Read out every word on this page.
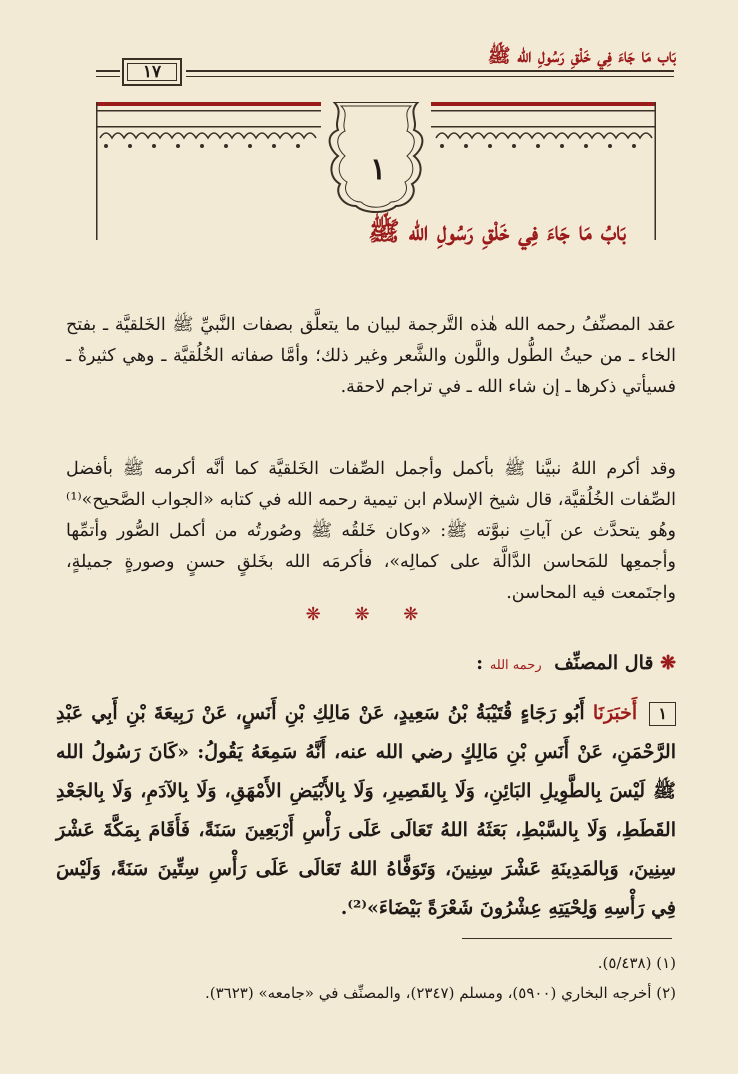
بَاب مَا جَاءَ فِي خَلْقِ رَسُولِ الله ﷺ
١٧
١
بَابُ مَا جَاءَ فِي خَلْقِ رَسُولِ الله ﷺ
عقد المصنِّفُ رحمه الله هٰذه التَّرجمة لبيان ما يتعلَّق بصفات النَّبيِّ ﷺ الخَلقيَّة ـ بفتح الخاء ـ من حيثُ الطُّول واللَّون والشَّعر وغير ذلك؛ وأمَّا صفاته الخُلُقيَّة ـ وهي كثيرةٌ ـ فسيأتي ذكرها ـ إن شاء الله ـ في تراجم لاحقة.
وقد أكرم اللهُ نبيَّنا ﷺ بأكمل وأجمل الصِّفات الخَلقيَّة كما أنَّه أكرمه ﷺ بأفضل الصِّفات الخُلُقيَّة، قال شيخ الإسلام ابن تيمية رحمه الله في كتابه «الجواب الصَّحيح»⁽¹⁾ وهُو يتحدَّث عن آياتِ نبوَّته ﷺ: «وكان خَلقُه ﷺ وصُورتُه من أكمل الصُّور وأتمِّها وأجمعِها للمَحاسن الدَّالَّة على كمالِه»، فأكرمَه الله بخَلقٍ حسنٍ وصورةٍ جميلةٍ، واجتَمعت فيه المحاسن.
❋ ❋ ❋
❋ قال المصنِّف رحمه الله :
١ أَخبَرَنَا أَبُو رَجَاءٍ قُتَيْبَةُ بْنُ سَعِيدٍ، عَنْ مَالِكِ بْنِ أَنَسٍ، عَنْ رَبِيعَةَ بْنِ أَبِي عَبْدِ الرَّحْمَنِ، عَنْ أَنَسِ بْنِ مَالِكٍ رضي الله عنه، أَنَّهُ سَمِعَهُ يَقُولُ: «كَانَ رَسُولُ الله ﷺ لَيْسَ بِالطَّوِيلِ البَائِنِ، وَلَا بِالقَصِيرِ، وَلَا بِالأَبْيَضِ الأَمْهَقِ، وَلَا بِالآدَمِ، وَلَا بِالجَعْدِ القَطَطِ، وَلَا بِالسَّبْطِ، بَعَثَهُ اللهُ تَعَالَى عَلَى رَأْسِ أَرْبَعِينَ سَنَةً، فَأَقَامَ بِمَكَّةَ عَشْرَ سِنِينَ، وَبِالمَدِينَةِ عَشْرَ سِنِينَ، وَتَوَفَّاهُ اللهُ تَعَالَى عَلَى رَأْسِ سِتِّينَ سَنَةً، وَلَيْسَ فِي رَأْسِهِ وَلِحْيَتِهِ عِشْرُونَ شَعْرَةً بَيْضَاءَ»⁽²⁾.
(١) (٥/٤٣٨).
(٢) أخرجه البخاري (٥٩٠٠)، ومسلم (٢٣٤٧)، والمصنِّف في «جامعه» (٣٦٢٣).
